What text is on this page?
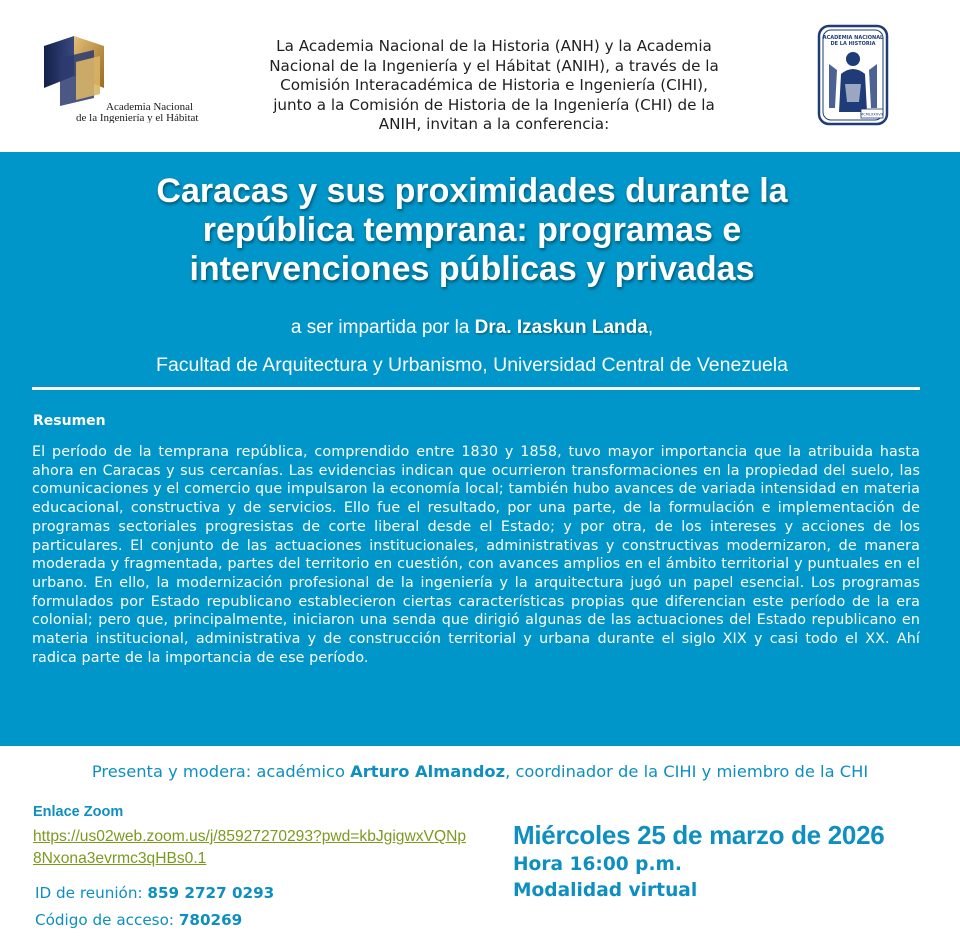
Academia Nacional
de la Ingeniería y el Hábitat
ACADEMIA NACIONAL
DE LA HISTORIA
MCMLXXXVIII
La Academia Nacional de la Historia (ANH) y la Academia
Nacional de la Ingeniería y el Hábitat (ANIH), a través de la
Comisión Interacadémica de Historia e Ingeniería (CIHI),
junto a la Comisión de Historia de la Ingeniería (CHI) de la
ANIH, invitan a la conferencia:
Caracas y sus proximidades durante la
república temprana: programas e
intervenciones públicas y privadas
a ser impartida por la Dra. Izaskun Landa,
Facultad de Arquitectura y Urbanismo, Universidad Central de Venezuela
Resumen

El período de la temprana república, comprendido entre 1830 y 1858, tuvo mayor importancia que la atribuida hasta ahora en Caracas y sus cercanías. Las evidencias indican que ocurrieron transformaciones en la propiedad del suelo, las comunicaciones y el comercio que impulsaron la economía local; también hubo avances de variada intensidad en materia educacional, constructiva y de servicios. Ello fue el resultado, por una parte, de la formulación e implementación de programas sectoriales progresistas de corte liberal desde el Estado; y por otra, de los intereses y acciones de los particulares. El conjunto de las actuaciones institucionales, administrativas y constructivas modernizaron, de manera moderada y fragmentada, partes del territorio en cuestión, con avances amplios en el ámbito territorial y puntuales en el urbano. En ello, la modernización profesional de la ingeniería y la arquitectura jugó un papel esencial. Los programas formulados por Estado republicano establecieron ciertas características propias que diferencian este período de la era colonial; pero que, principalmente, iniciaron una senda que dirigió algunas de las actuaciones del Estado republicano en materia institucional, administrativa y de construcción territorial y urbana durante el siglo XIX y casi todo el XX. Ahí radica parte de la importancia de ese período.

Presenta y modera: académico Arturo Almandoz, coordinador de la CIHI y miembro de la CHI
Enlace Zoom
https://us02web.zoom.us/j/85927270293?pwd=kbJgigwxVQNp8Nxona3evrmc3qHBs0.1
ID de reunión: 859 2727 0293
Código de acceso: 780269
Miércoles 25 de marzo de 2026
Hora 16:00 p.m.
Modalidad virtual
